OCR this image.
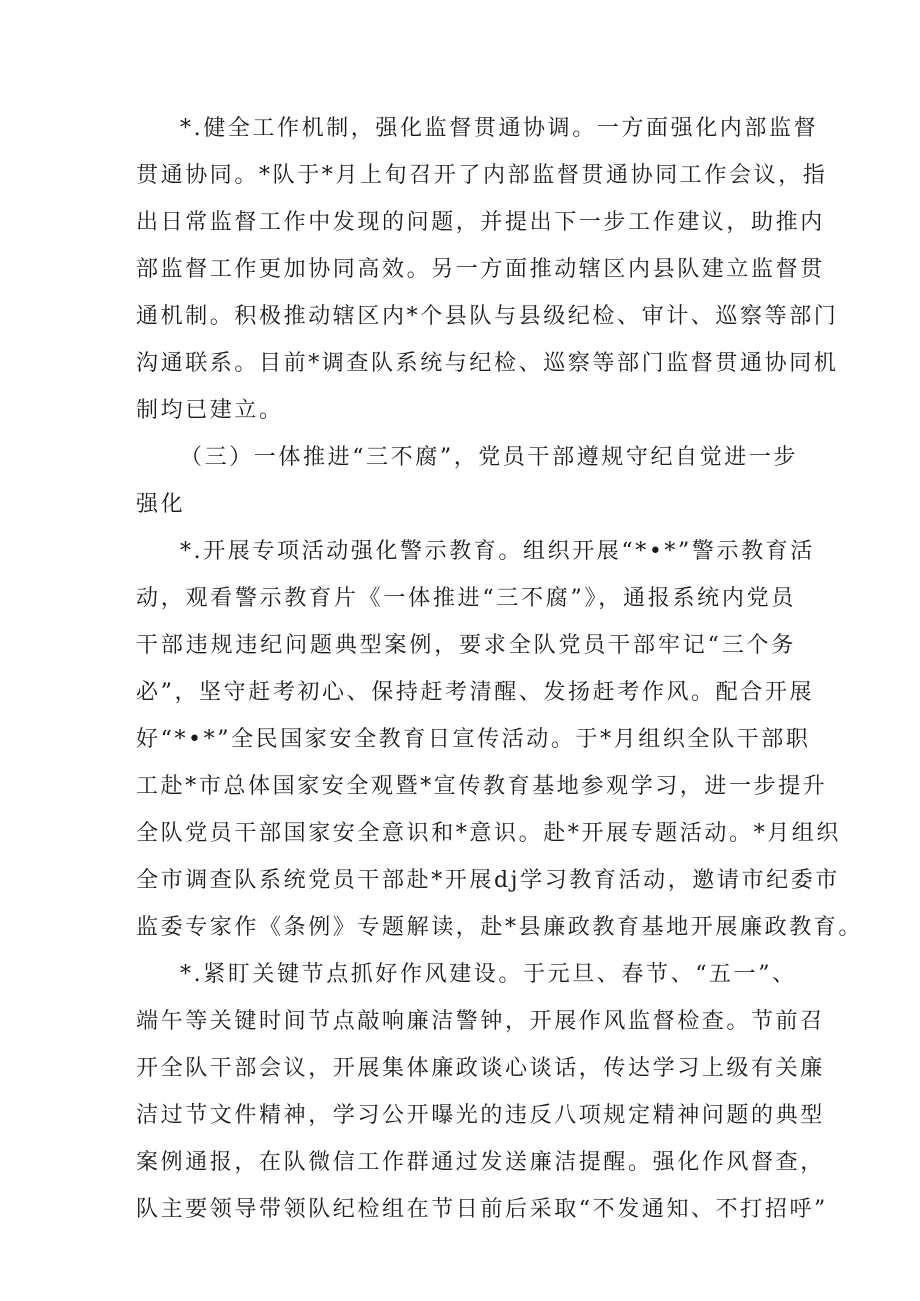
*.健全工作机制，强化监督贯通协调。一方面强化内部监督
贯通协同。*队于*月上旬召开了内部监督贯通协同工作会议，指
出日常监督工作中发现的问题，并提出下一步工作建议，助推内
部监督工作更加协同高效。另一方面推动辖区内县队建立监督贯
通机制。积极推动辖区内*个县队与县级纪检、审计、巡察等部门
沟通联系。目前*调查队系统与纪检、巡察等部门监督贯通协同机
制均已建立。
（三）一体推进“三不腐”，党员干部遵规守纪自觉进一步
强化
*.开展专项活动强化警示教育。组织开展“*•*”警示教育活
动，观看警示教育片《一体推进“三不腐”》，通报系统内党员
干部违规违纪问题典型案例，要求全队党员干部牢记“三个务
必”，坚守赶考初心、保持赶考清醒、发扬赶考作风。配合开展
好“*•*”全民国家安全教育日宣传活动。于*月组织全队干部职
工赴*市总体国家安全观暨*宣传教育基地参观学习，进一步提升
全队党员干部国家安全意识和*意识。赴*开展专题活动。*月组织
全市调查队系统党员干部赴*开展dj学习教育活动，邀请市纪委市
监委专家作《条例》专题解读，赴*县廉政教育基地开展廉政教育。
*.紧盯关键节点抓好作风建设。于元旦、春节、“五一”、
端午等关键时间节点敲响廉洁警钟，开展作风监督检查。节前召
开全队干部会议，开展集体廉政谈心谈话，传达学习上级有关廉
洁过节文件精神，学习公开曝光的违反八项规定精神问题的典型
案例通报，在队微信工作群通过发送廉洁提醒。强化作风督查，
队主要领导带领队纪检组在节日前后采取“不发通知、不打招呼”
